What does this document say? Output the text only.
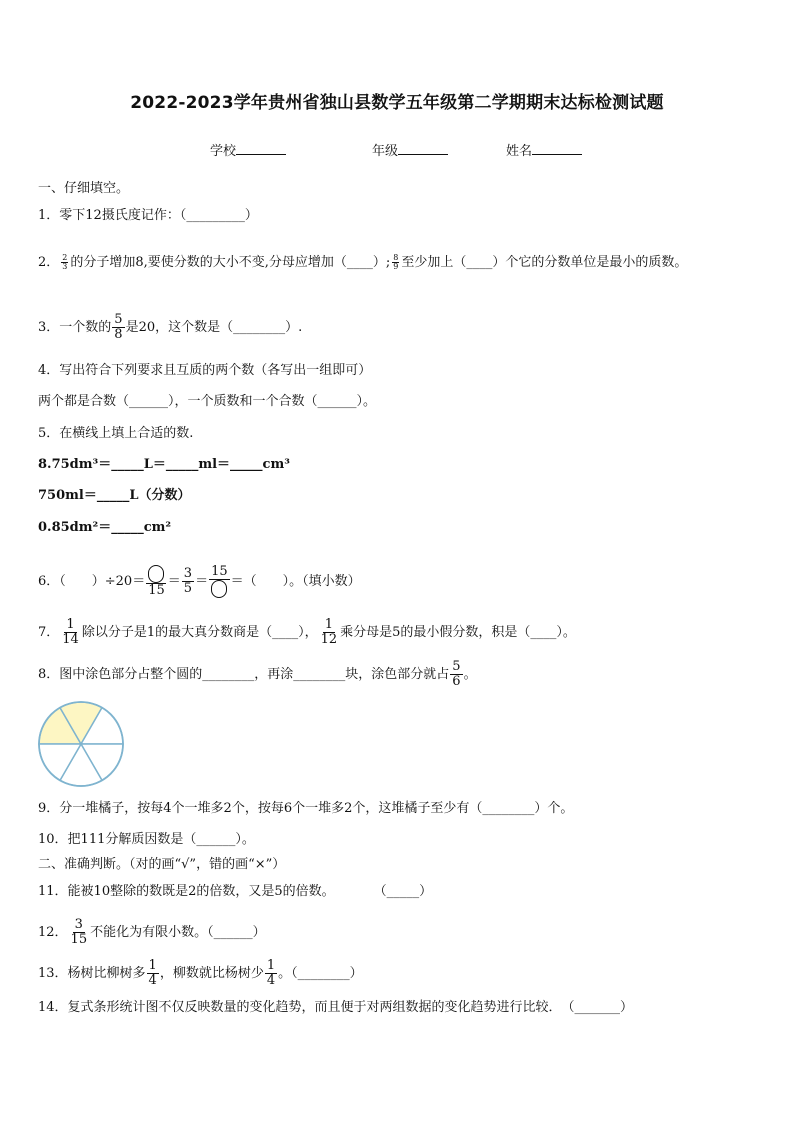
2022-2023学年贵州省独山县数学五年级第二学期期末达标检测试题
学校	年级	姓名
一、仔细填空。
1．零下12摄氏度记作：（_________）
2． $\frac{2}{3}$ 的分子增加8,要使分数的大小不变,分母应增加（____）; $\frac{8}{9}$ 至少加上（____）个它的分数单位是最小的质数。
3．一个数的 $\frac{5}{8}$ 是20，这个数是（________）.
4．写出符合下列要求且互质的两个数（各写出一组即可）
两个都是合数（______），一个质数和一个合数（______）。
5．在横线上填上合适的数.
8.75dm³＝_____L＝_____ml＝_____cm³
750ml＝_____L（分数）
0.85dm²＝_____cm²
6．（　　）÷20＝
15
＝ $\frac{3}{5}$ ＝
15
＝（　　）。（填小数）
7． $\frac{1}{14}$ 除以分子是1的最大真分数商是（____）， $\frac{1}{12}$ 乘分母是5的最小假分数，积是（____）。
8．图中涂色部分占整个圆的________，再涂________块，涂色部分就占 $\frac{5}{6}$ 。
9．分一堆橘子，按每4个一堆多2个，按每6个一堆多2个，这堆橘子至少有（________）个。
10．把111分解质因数是（______）。
二、准确判断。（对的画“√”，错的画“×”）
11．能被10整除的数既是2的倍数，又是5的倍数。　　　　（_____）
12． $\frac{3}{15}$ 不能化为有限小数。（______）
13．杨树比柳树多 $\frac{1}{4}$ ，柳数就比杨树少 $\frac{1}{4}$ 。（________）
14．复式条形统计图不仅反映数量的变化趋势，而且便于对两组数据的变化趋势进行比较．　（_______）
